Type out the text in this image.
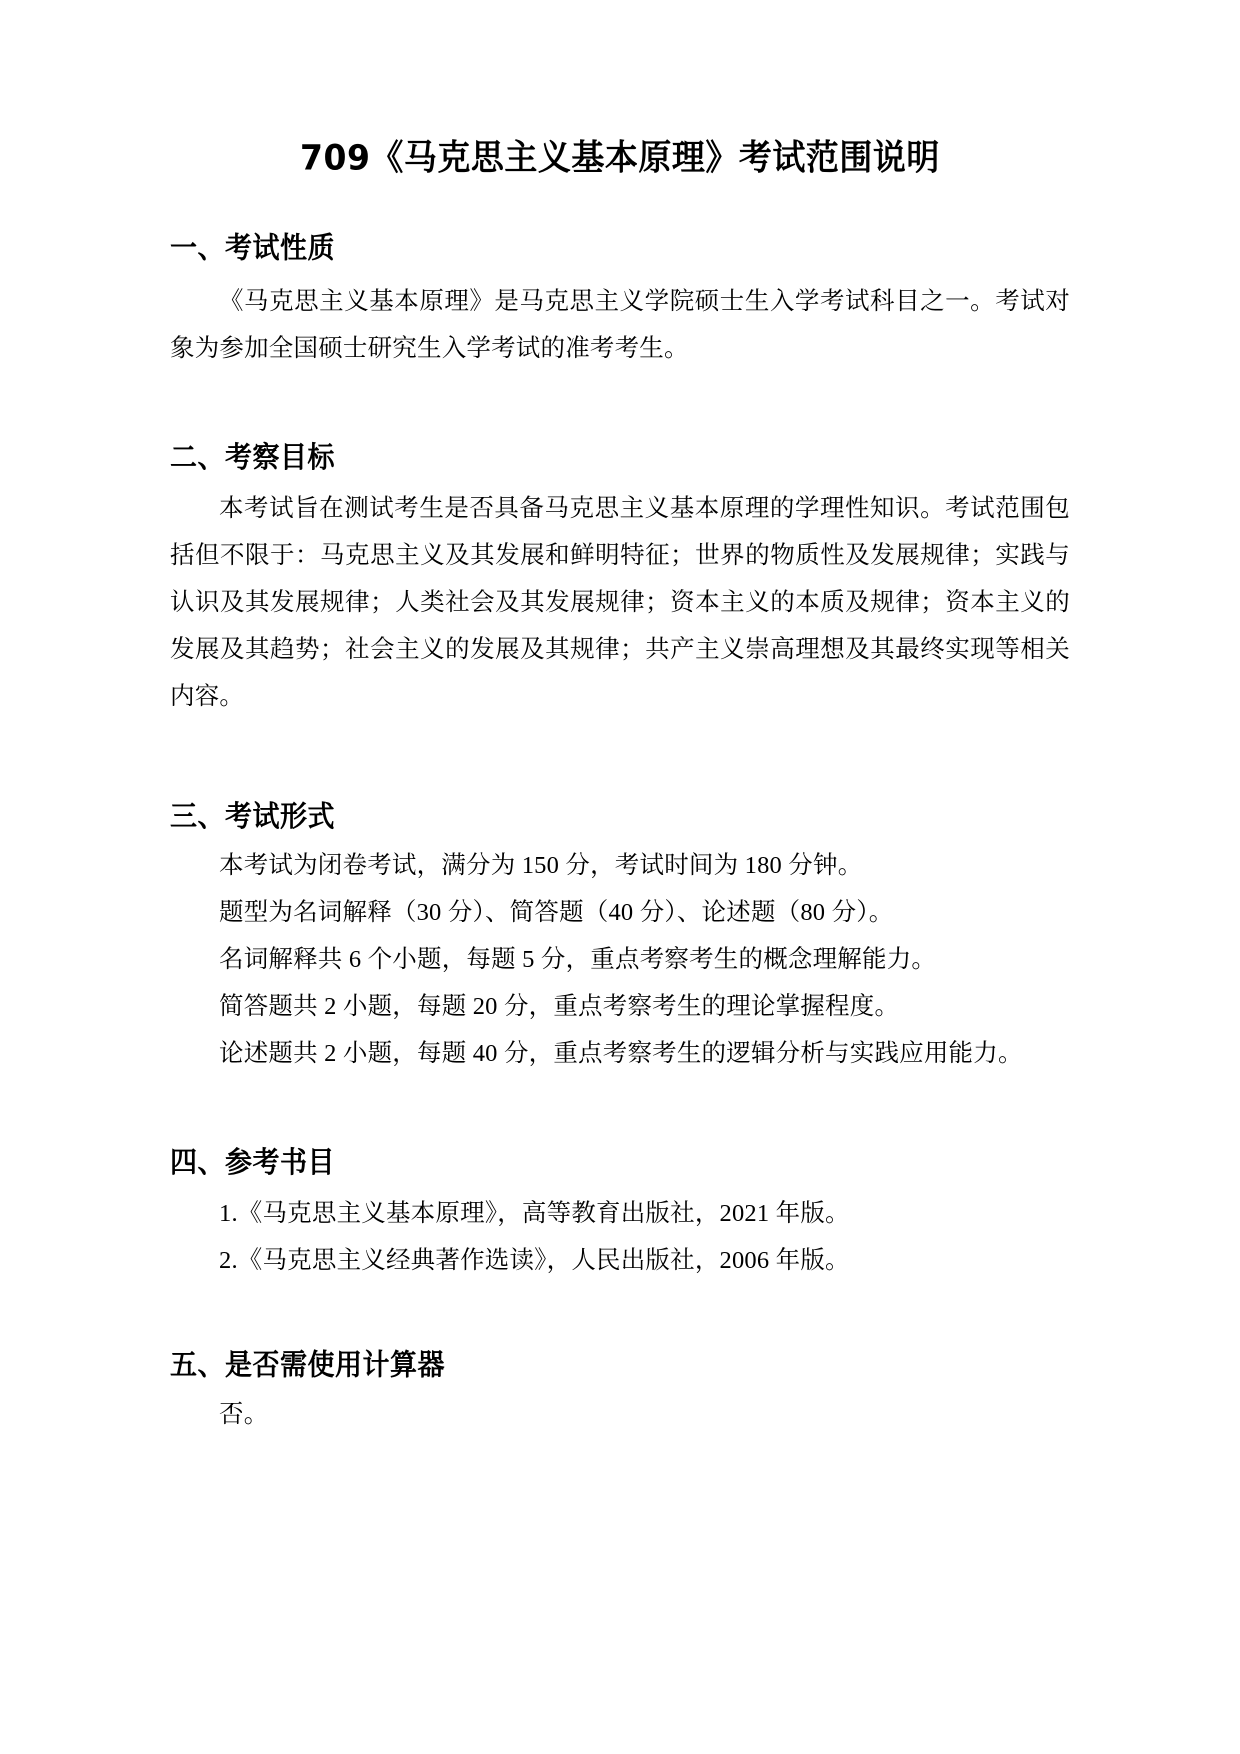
709《马克思主义基本原理》考试范围说明
一、考试性质

《马克思主义基本原理》是马克思主义学院硕士生入学考试科目之一。考试对象为参加全国硕士研究生入学考试的准考考生。

二、考察目标

本考试旨在测试考生是否具备马克思主义基本原理的学理性知识。考试范围包括但不限于：马克思主义及其发展和鲜明特征；世界的物质性及发展规律；实践与认识及其发展规律；人类社会及其发展规律；资本主义的本质及规律；资本主义的发展及其趋势；社会主义的发展及其规律；共产主义崇高理想及其最终实现等相关内容。

三、考试形式

本考试为闭卷考试，满分为 150 分，考试时间为 180 分钟。

题型为名词解释（30 分）、简答题（40 分）、论述题（80 分）。

名词解释共 6 个小题，每题 5 分，重点考察考生的概念理解能力。

简答题共 2 小题，每题 20 分，重点考察考生的理论掌握程度。

论述题共 2 小题，每题 40 分，重点考察考生的逻辑分析与实践应用能力。

四、参考书目

1.《马克思主义基本原理》，高等教育出版社，2021 年版。

2.《马克思主义经典著作选读》，人民出版社，2006 年版。

五、是否需使用计算器

否。
